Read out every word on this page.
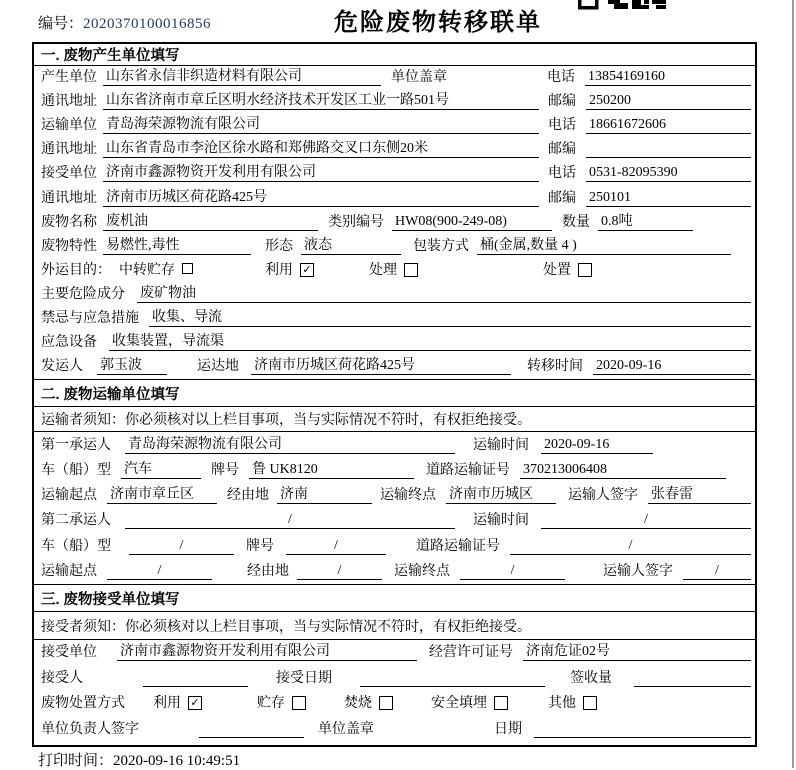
编号：2020370100016856	危险废物转移联单
一. 废物产生单位填写
产生单位 山东省永信非织造材料有限公司	单位盖章	电话 13854169160
通讯地址 山东省济南市章丘区明水经济技术开发区工业一路501号	邮编 250200
运输单位 青岛海荣源物流有限公司	电话 18661672606
通讯地址 山东省青岛市李沧区徐水路和郑佛路交叉口东侧20米	邮编
接受单位 济南市鑫源物资开发利用有限公司	电话 0531-82095390
通讯地址 济南市历城区荷花路425号	邮编 250101
废物名称 废机油	类别编号 HW08(900-249-08)	数量 0.8吨
废物特性 易燃性,毒性	形态 液态	包装方式 桶(金属,数量 4 )
外运目的： 中转贮存	利用 ✓	处理	处置
主要危险成分 废矿物油
禁忌与应急措施 收集、导流
应急设备 收集装置，导流渠
发运人 郭玉波	运达地 济南市历城区荷花路425号	转移时间 2020-09-16
二. 废物运输单位填写
运输者须知：你必须核对以上栏目事项，当与实际情况不符时，有权拒绝接受。
第一承运人 青岛海荣源物流有限公司	运输时间 2020-09-16
车（船）型 汽车	牌号 鲁 UK8120	道路运输证号 370213006408
运输起点 济南市章丘区	经由地 济南	运输终点 济南市历城区	运输人签字 张春雷
第二承运人	/	运输时间	/
车（船）型	/	牌号	/	道路运输证号	/
运输起点	/	经由地	/	运输终点	/	运输人签字	/
三. 废物接受单位填写
接受者须知：你必须核对以上栏目事项，当与实际情况不符时，有权拒绝接受。
接受单位 济南市鑫源物资开发利用有限公司	经营许可证号 济南危证02号
接受人	接受日期	签收量
废物处置方式 利用 ✓	贮存	焚烧	安全填埋	其他
单位负责人签字	单位盖章	日期
打印时间：2020-09-16 10:49:51
